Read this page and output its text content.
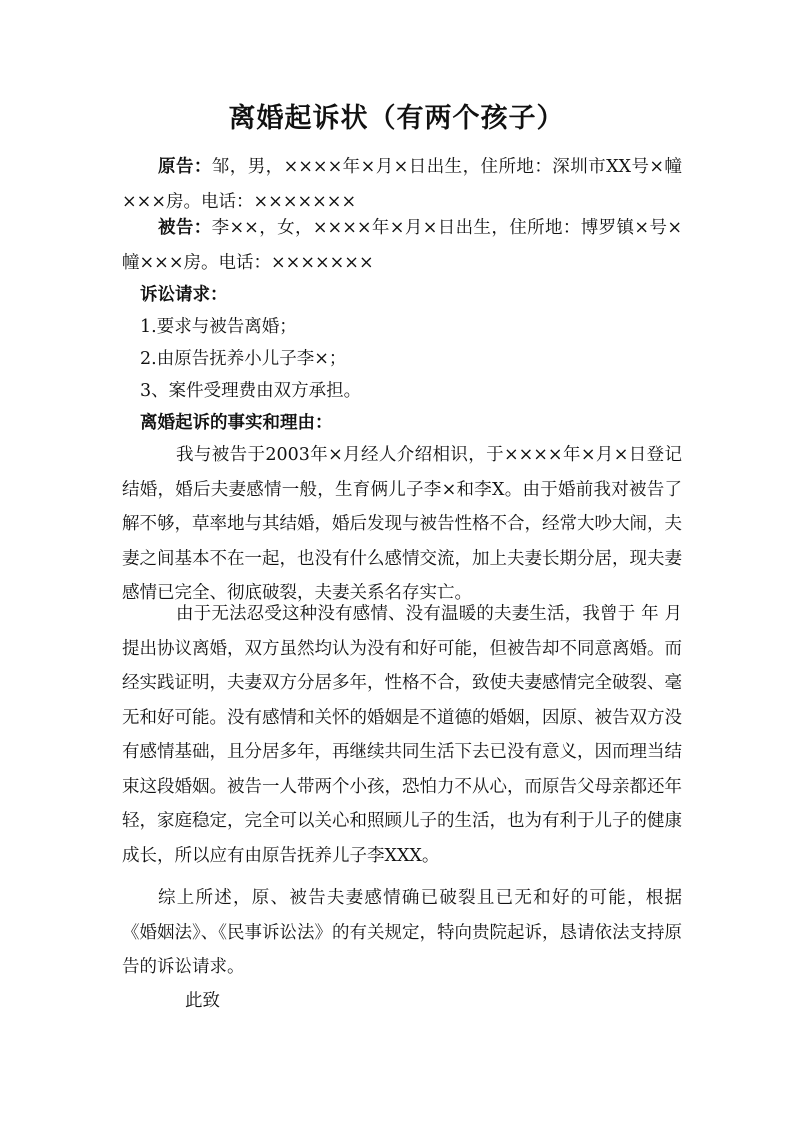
离婚起诉状（有两个孩子）

原告：邹，男，××××年×月×日出生，住所地：深圳市XX号×幢×××房。电话：×××××××

被告：李××，女，××××年×月×日出生，住所地：博罗镇×号×幢×××房。电话：×××××××

诉讼请求：
1.要求与被告离婚；
2.由原告抚养小儿子李×；
3、案件受理费由双方承担。
离婚起诉的事实和理由：

我与被告于2003年×月经人介绍相识，于××××年×月×日登记结婚，婚后夫妻感情一般，生育俩儿子李×和李X。由于婚前我对被告了解不够，草率地与其结婚，婚后发现与被告性格不合，经常大吵大闹，夫妻之间基本不在一起，也没有什么感情交流，加上夫妻长期分居，现夫妻感情已完全、彻底破裂，夫妻关系名存实亡。

由于无法忍受这种没有感情、没有温暖的夫妻生活，我曾于 年 月提出协议离婚，双方虽然均认为没有和好可能，但被告却不同意离婚。而经实践证明，夫妻双方分居多年，性格不合，致使夫妻感情完全破裂、毫无和好可能。没有感情和关怀的婚姻是不道德的婚姻，因原、被告双方没有感情基础，且分居多年，再继续共同生活下去已没有意义，因而理当结束这段婚姻。被告一人带两个小孩，恐怕力不从心，而原告父母亲都还年轻，家庭稳定，完全可以关心和照顾儿子的生活，也为有利于儿子的健康成长，所以应有由原告抚养儿子李XXX。

综上所述，原、被告夫妻感情确已破裂且已无和好的可能，根据《婚姻法》、《民事诉讼法》的有关规定，特向贵院起诉，恳请依法支持原告的诉讼请求。

此致
